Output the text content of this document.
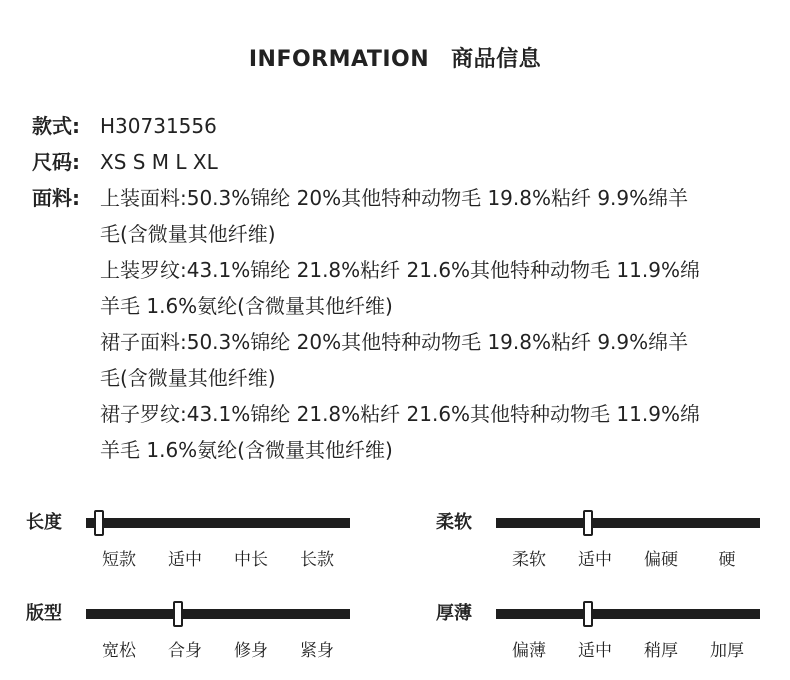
INFORMATION 商品信息
款式:	H30731556
尺码:	XS S M L XL
面料:	上装面料:50.3%锦纶 20%其他特种动物毛 19.8%粘纤 9.9%绵羊
毛(含微量其他纤维)
上装罗纹:43.1%锦纶 21.8%粘纤 21.6%其他特种动物毛 11.9%绵
羊毛 1.6%氨纶(含微量其他纤维)
裙子面料:50.3%锦纶 20%其他特种动物毛 19.8%粘纤 9.9%绵羊
毛(含微量其他纤维)
裙子罗纹:43.1%锦纶 21.8%粘纤 21.6%其他特种动物毛 11.9%绵
羊毛 1.6%氨纶(含微量其他纤维)
长度
短款 适中 中长 长款
柔软
柔软 适中 偏硬 硬
版型
宽松 合身 修身 紧身
厚薄
偏薄 适中 稍厚 加厚
